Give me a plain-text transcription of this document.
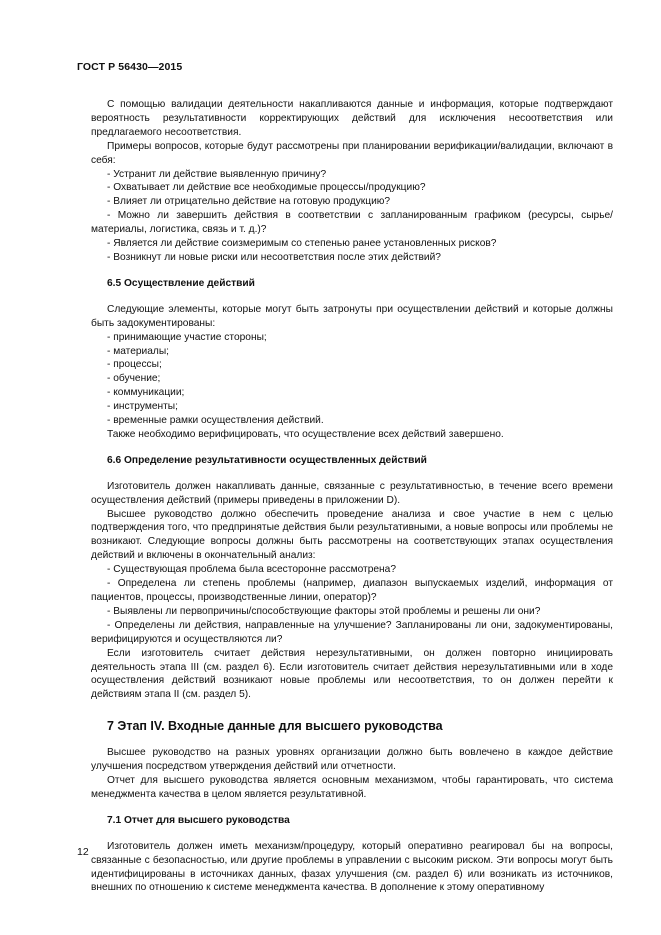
ГОСТ Р 56430—2015

С помощью валидации деятельности накапливаются данные и информация, которые подтверждают вероятность результативности корректирующих действий для исключения несоответствия или предлагаемого несоответствия.

Примеры вопросов, которые будут рассмотрены при планировании верификации/валидации, включают в себя:

- Устранит ли действие выявленную причину?

- Охватывает ли действие все необходимые процессы/продукцию?

- Влияет ли отрицательно действие на готовую продукцию?

- Можно ли завершить действия в соответствии с запланированным графиком (ресурсы, сырье/материалы, логистика, связь и т. д.)?

- Является ли действие соизмеримым со степенью ранее установленных рисков?

- Возникнут ли новые риски или несоответствия после этих действий?

6.5 Осуществление действий

Следующие элементы, которые могут быть затронуты при осуществлении действий и которые должны быть задокументированы:

- принимающие участие стороны;

- материалы;

- процессы;

- обучение;

- коммуникации;

- инструменты;

- временные рамки осуществления действий.

Также необходимо верифицировать, что осуществление всех действий завершено.

6.6 Определение результативности осуществленных действий

Изготовитель должен накапливать данные, связанные с результативностью, в течение всего времени осуществления действий (примеры приведены в приложении D).

Высшее руководство должно обеспечить проведение анализа и свое участие в нем с целью подтверждения того, что предпринятые действия были результативными, а новые вопросы или проблемы не возникают. Следующие вопросы должны быть рассмотрены на соответствующих этапах осуществления действий и включены в окончательный анализ:

- Существующая проблема была всесторонне рассмотрена?

- Определена ли степень проблемы (например, диапазон выпускаемых изделий, информация от пациентов, процессы, производственные линии, оператор)?

- Выявлены ли первопричины/способствующие факторы этой проблемы и решены ли они?

- Определены ли действия, направленные на улучшение? Запланированы ли они, задокументированы, верифицируются и осуществляются ли?

Если изготовитель считает действия нерезультативными, он должен повторно инициировать деятельность этапа III (см. раздел 6). Если изготовитель считает действия нерезультативными или в ходе осуществления действий возникают новые проблемы или несоответствия, то он должен перейти к действиям этапа II (см. раздел 5).

7 Этап IV. Входные данные для высшего руководства

Высшее руководство на разных уровнях организации должно быть вовлечено в каждое действие улучшения посредством утверждения действий или отчетности.

Отчет для высшего руководства является основным механизмом, чтобы гарантировать, что система менеджмента качества в целом является результативной.

7.1 Отчет для высшего руководства

Изготовитель должен иметь механизм/процедуру, который оперативно реагировал бы на вопросы, связанные с безопасностью, или другие проблемы в управлении с высоким риском. Эти вопросы могут быть идентифицированы в источниках данных, фазах улучшения (см. раздел 6) или возникать из источников, внешних по отношению к системе менеджмента качества. В дополнение к этому оперативному

12
